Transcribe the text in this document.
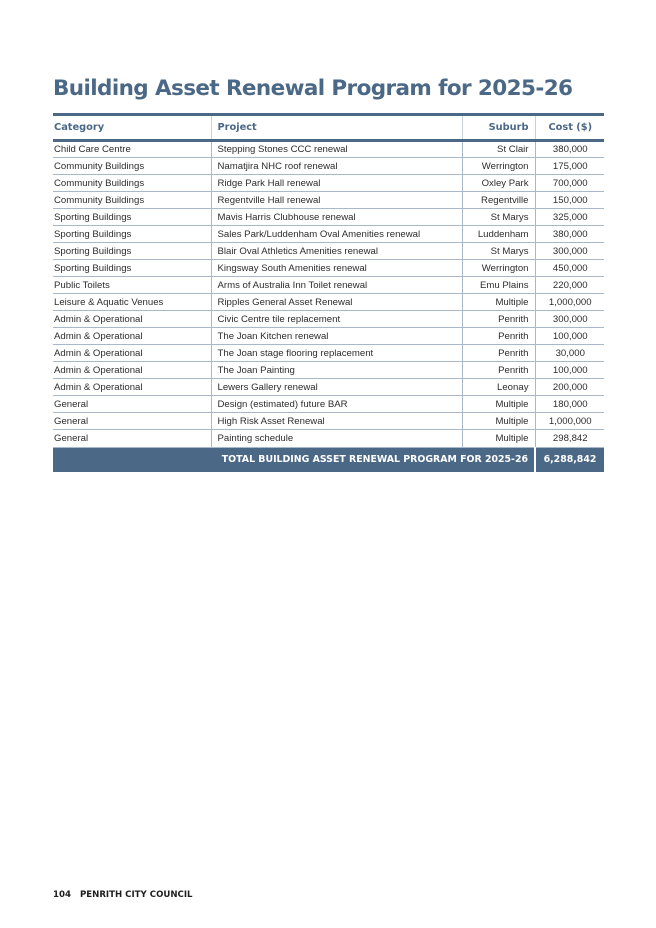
Building Asset Renewal Program for 2025-26
Category	Project	Suburb	Cost ($)
Child Care Centre	Stepping Stones CCC renewal	St Clair	380,000
Community Buildings	Namatjira NHC roof renewal	Werrington	175,000
Community Buildings	Ridge Park Hall renewal	Oxley Park	700,000
Community Buildings	Regentville Hall renewal	Regentville	150,000
Sporting Buildings	Mavis Harris Clubhouse renewal	St Marys	325,000
Sporting Buildings	Sales Park/Luddenham Oval Amenities renewal	Luddenham	380,000
Sporting Buildings	Blair Oval Athletics Amenities renewal	St Marys	300,000
Sporting Buildings	Kingsway South Amenities renewal	Werrington	450,000
Public Toilets	Arms of Australia Inn Toilet renewal	Emu Plains	220,000
Leisure & Aquatic Venues	Ripples General Asset Renewal	Multiple	1,000,000
Admin & Operational	Civic Centre tile replacement	Penrith	300,000
Admin & Operational	The Joan Kitchen renewal	Penrith	100,000
Admin & Operational	The Joan stage flooring replacement	Penrith	30,000
Admin & Operational	The Joan Painting	Penrith	100,000
Admin & Operational	Lewers Gallery renewal	Leonay	200,000
General	Design (estimated) future BAR	Multiple	180,000
General	High Risk Asset Renewal	Multiple	1,000,000
General	Painting schedule	Multiple	298,842
TOTAL BUILDING ASSET RENEWAL PROGRAM FOR 2025-26			6,288,842
104 PENRITH CITY COUNCIL
